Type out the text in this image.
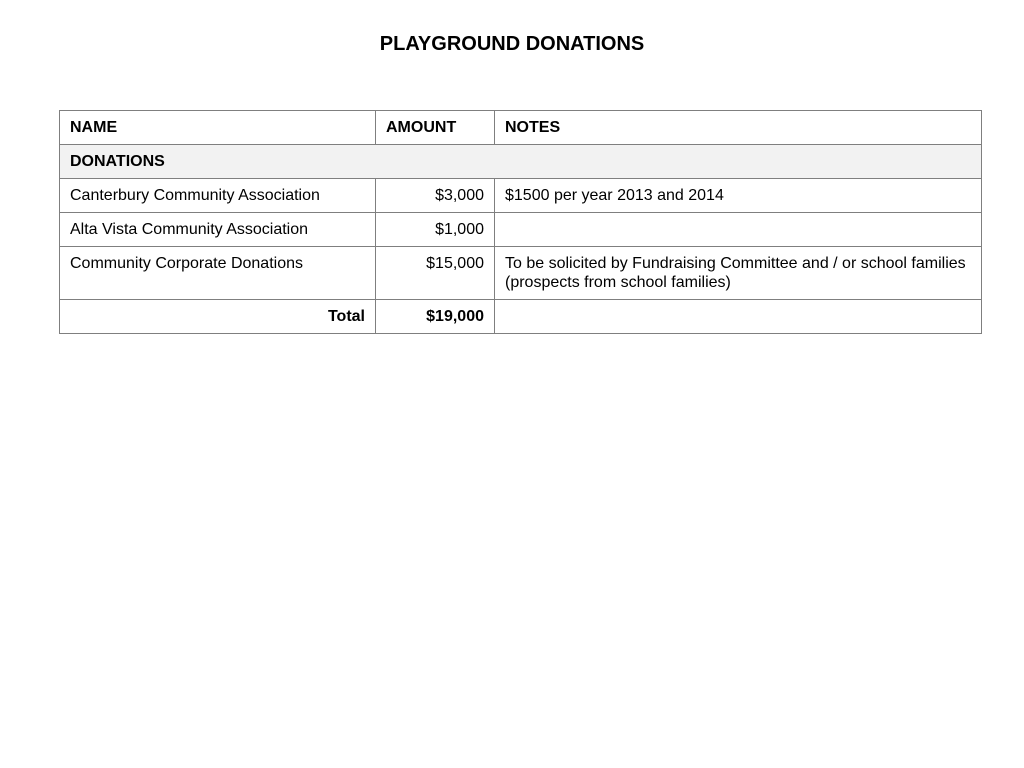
PLAYGROUND DONATIONS
NAME	AMOUNT	NOTES
DONATIONS		
Canterbury Community Association	$3,000	$1500 per year 2013 and 2014
Alta Vista Community Association	$1,000	
Community Corporate Donations	$15,000	To be solicited by Fundraising Committee and / or school families (prospects from school families)
Total	$19,000	
